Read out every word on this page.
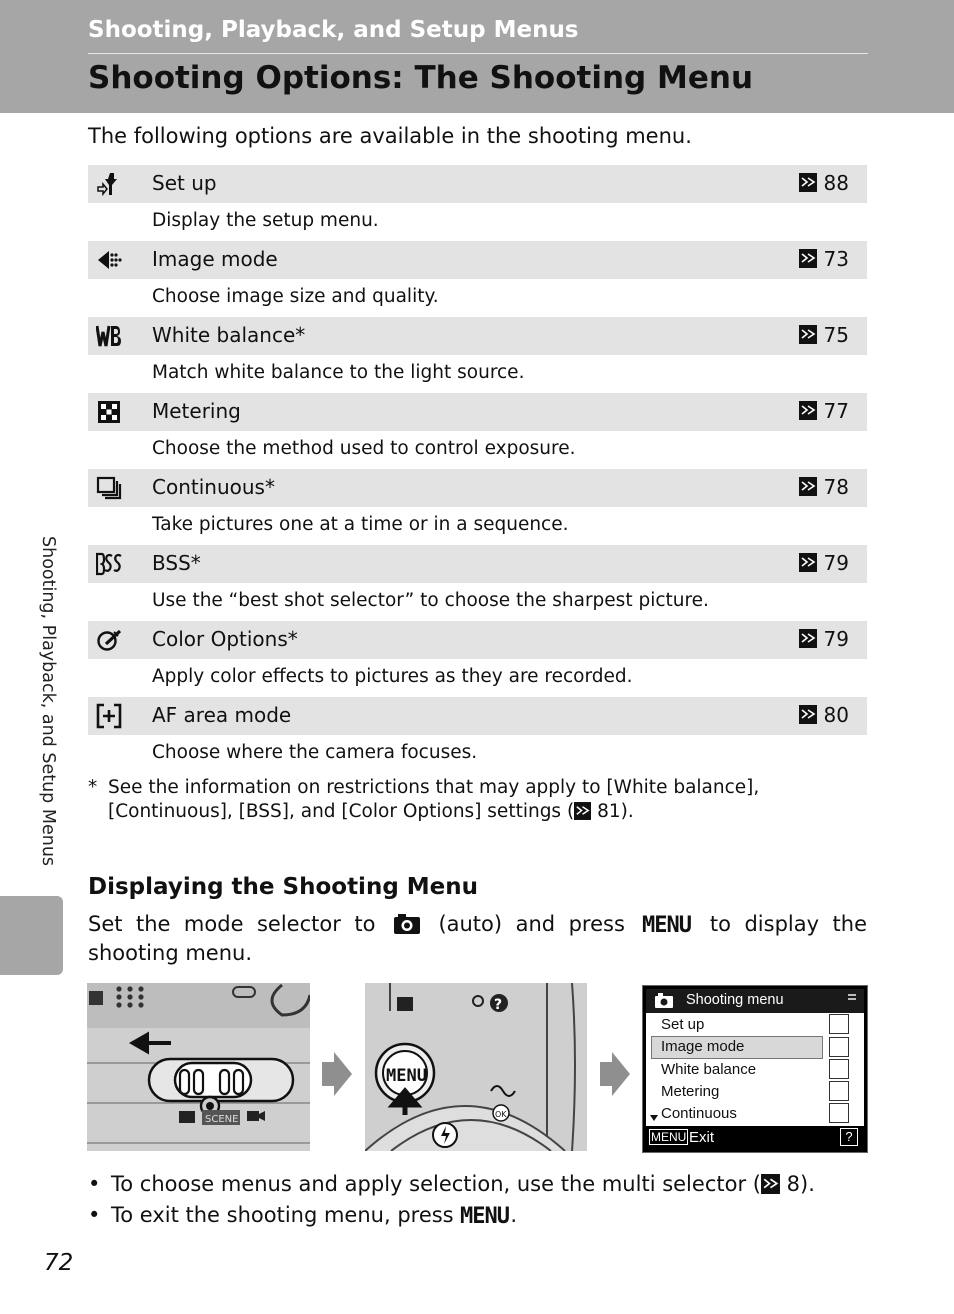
Shooting, Playback, and Setup Menus
Shooting Options: The Shooting Menu
The following options are available in the shooting menu.
Set up	88
Display the setup menu.
Image mode	73
Choose image size and quality.
White balance*	75
Match white balance to the light source.
Metering	77
Choose the method used to control exposure.
Continuous*	78
Take pictures one at a time or in a sequence.
BSS*	79
Use the “best shot selector” to choose the sharpest picture.
Color Options*	79
Apply color effects to pictures as they are recorded.
AF area mode	80
Choose where the camera focuses.
* See the information on restrictions that may apply to [White balance], [Continuous], [BSS], and [Color Options] settings ( 81).
Shooting, Playback, and Setup Menus
Displaying the Shooting Menu
Set the mode selector to	(auto) and press MENU to display the shooting menu.
SCENE
?
MENU
OK
Shooting menu
Set up
Image mode
White balance
Metering
Continuous
MENU Exit	?
• To choose menus and apply selection, use the multi selector ( 8).
• To exit the shooting menu, press MENU .
72
